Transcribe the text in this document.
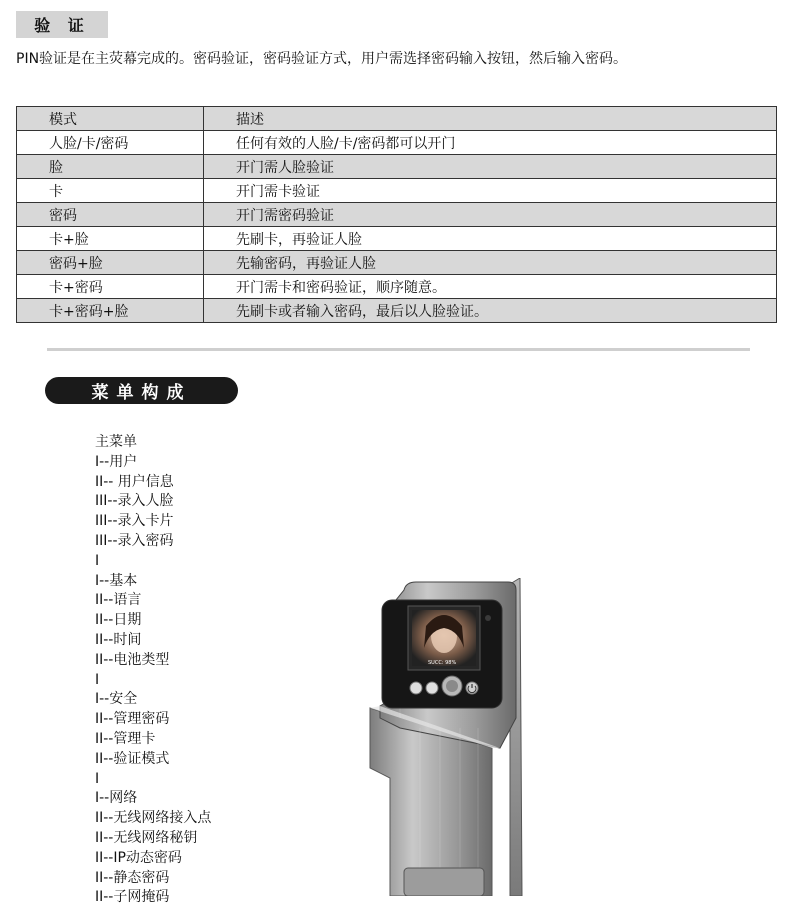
验 证
PIN验证是在主荧幕完成的。密码验证，密码验证方式，用户需选择密码输入按钮，然后输入密码。
模式	描述
人脸/卡/密码	任何有效的人脸/卡/密码都可以开门
脸	开门需人脸验证
卡	开门需卡验证
密码	开门需密码验证
卡+脸	先刷卡，再验证人脸
密码+脸	先输密码，再验证人脸
卡+密码	开门需卡和密码验证，顺序随意。
卡+密码+脸	先刷卡或者输入密码，最后以人脸验证。
菜单构成
主菜单
I--用户
II-- 用户信息
III--录入人脸
III--录入卡片
III--录入密码
I
I--基本
II--语言
II--日期
II--时间
II--电池类型
I
I--安全
II--管理密码
II--管理卡
II--验证模式
I
I--网络
II--无线网络接入点
II--无线网络秘钥
II--IP动态密码
II--静态密码
II--子网掩码
SUCC: 98%
